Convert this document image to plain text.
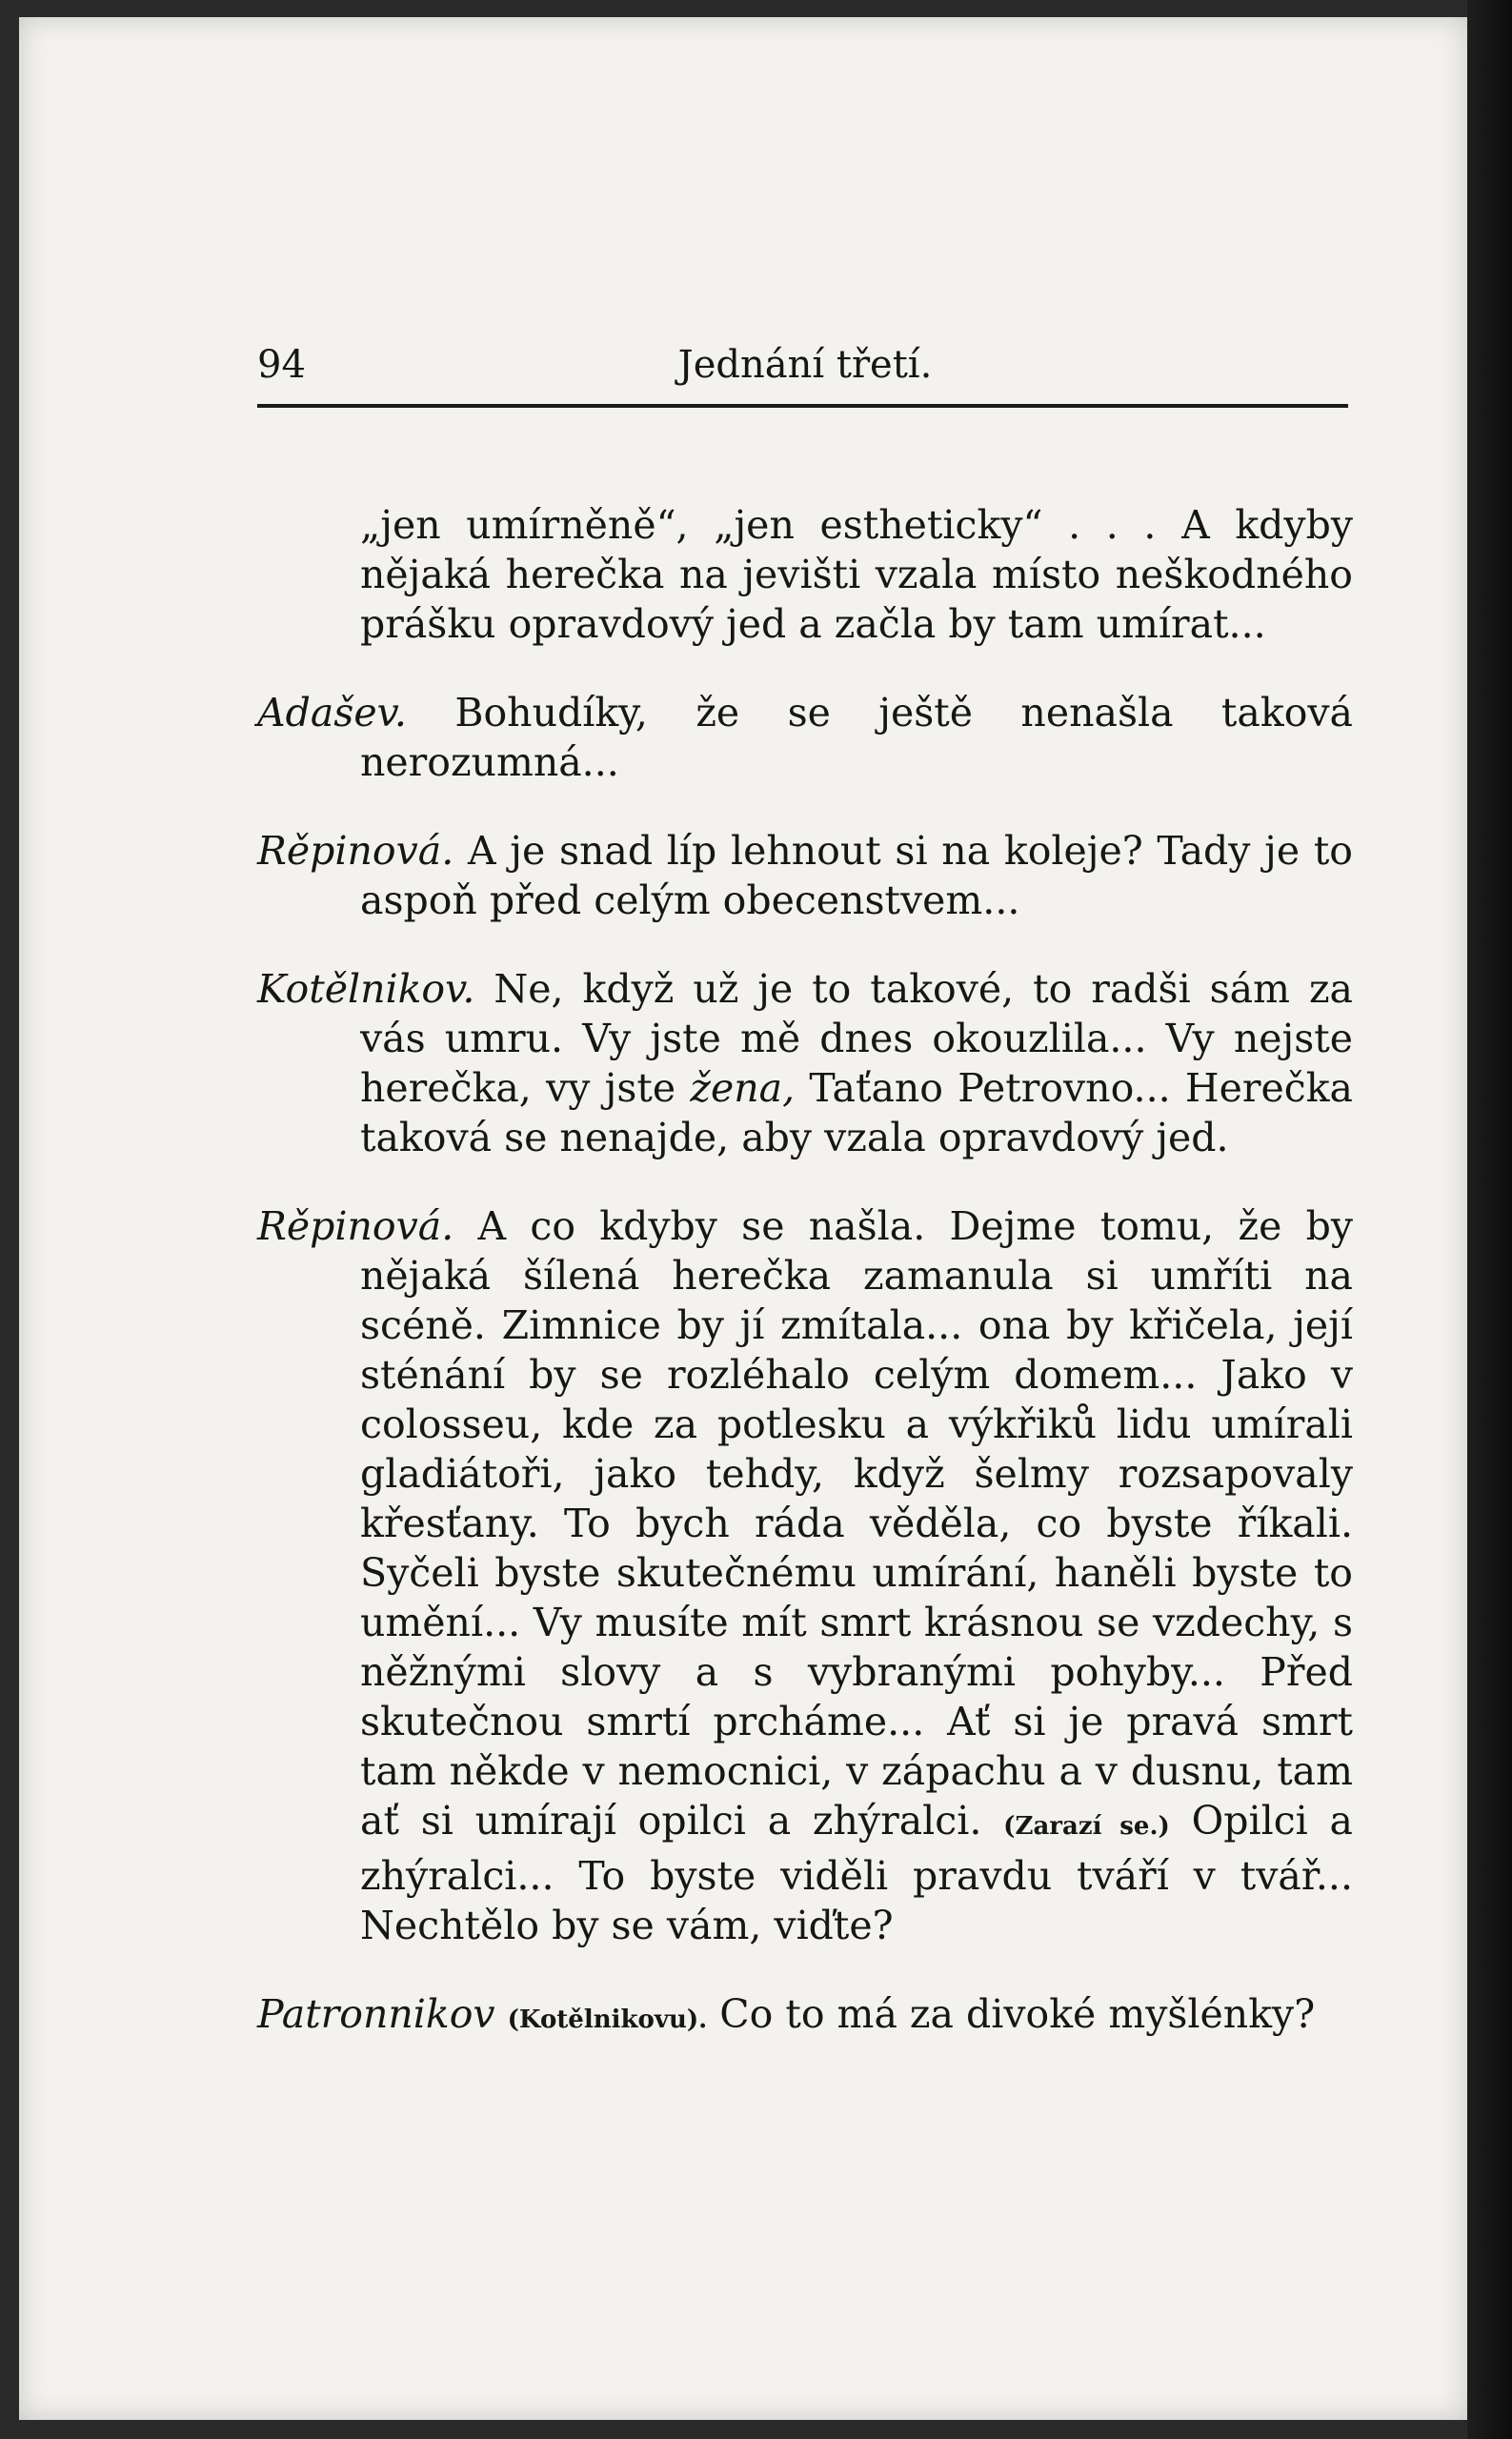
94	Jednání třetí.

„jen umírněně“, „jen estheticky“ . . . A kdyby nějaká herečka na jevišti vzala místo neškodného prášku opravdový jed a začla by tam umírat...

Adašev. Bohudíky, že se ještě nenašla taková nerozumná...

Rěpinová. A je snad líp lehnout si na koleje? Tady je to aspoň před celým obecenstvem...

Kotělnikov. Ne, když už je to takové, to radši sám za vás umru. Vy jste mě dnes okouzlila... Vy nejste herečka, vy jste žena, Taťano Petrovno... Herečka taková se nenajde, aby vzala opravdový jed.

Rěpinová. A co kdyby se našla. Dejme tomu, že by nějaká šílená herečka zamanula si umříti na scéně. Zimnice by jí zmítala... ona by křičela, její sténání by se rozléhalo celým domem... Jako v colosseu, kde za potlesku a výkřiků lidu umírali gladiátoři, jako tehdy, když šelmy rozsapovaly křesťany. To bych ráda věděla, co byste říkali. Syčeli byste skutečnému umírání, haněli byste to umění... Vy musíte mít smrt krásnou se vzdechy, s něžnými slovy a s vybranými pohyby... Před skutečnou smrtí prcháme... Ať si je pravá smrt tam někde v nemocnici, v zápachu a v dusnu, tam ať si umírají opilci a zhýralci. (Zarazí se.) Opilci a zhýralci... To byste viděli pravdu tváří v tvář... Nechtělo by se vám, viďte?

Patronnikov (Kotělnikovu). Co to má za divoké myšlénky?
